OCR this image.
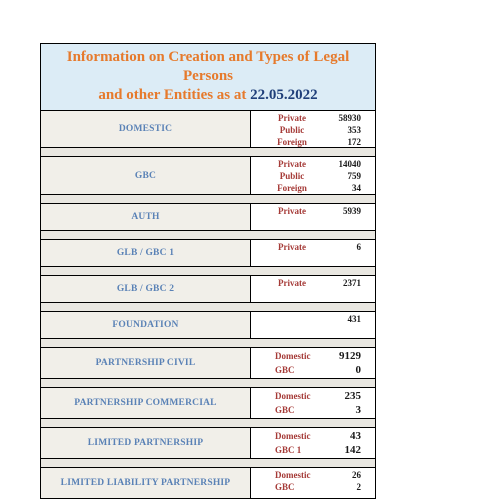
Information on Creation and Types of Legal Persons
and other Entities as at 22.05.2022
DOMESTIC
Private	58930
Public	353
Foreign	172
GBC
Private	14040
Public	759
Foreign	34
AUTH
Private	5939
GLB / GBC 1
Private	6
GLB / GBC 2
Private	2371
FOUNDATION
431
PARTNERSHIP CIVIL
Domestic	9129
GBC	0
PARTNERSHIP COMMERCIAL
Domestic	235
GBC	3
LIMITED PARTNERSHIP
Domestic	43
GBC 1	142
LIMITED LIABILITY PARTNERSHIP
Domestic	26
GBC	2
